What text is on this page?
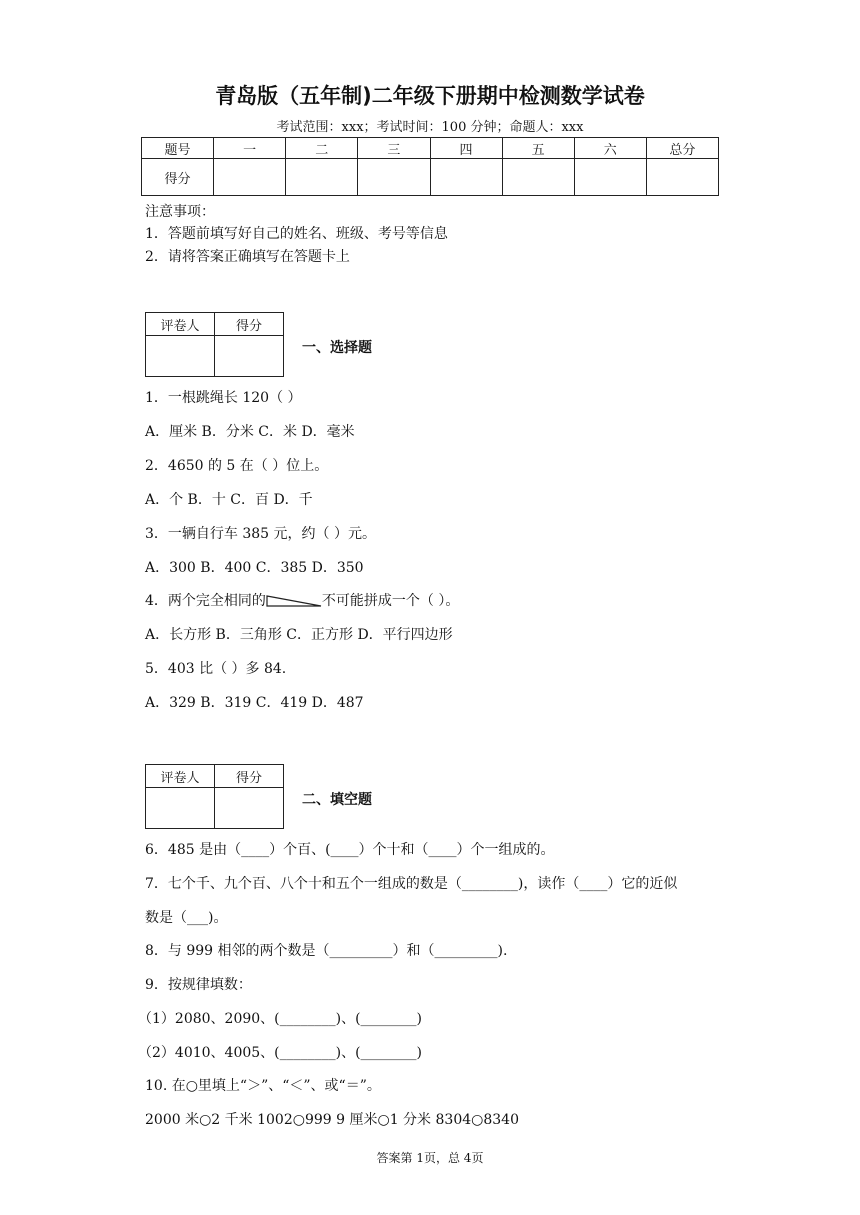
青岛版（五年制)二年级下册期中检测数学试卷
考试范围：xxx；考试时间：100 分钟；命题人：xxx
题号	一	二	三	四	五	六	总分
得分							
注意事项：
1．答题前填写好自己的姓名、班级、考号等信息
2．请将答案正确填写在答题卡上
评卷人	得分

一、选择题
1．一根跳绳长 120（ ）
A．厘米 B．分米 C．米 D．毫米
2．4650 的 5 在（ ）位上。
A．个 B．十 C．百 D．千
3．一辆自行车 385 元，约（ ）元。
A．300 B．400 C．385 D．350
4．两个完全相同的	不可能拼成一个（ ）。
A．长方形 B．三角形 C．正方形 D．平行四边形
5．403 比（ ）多 84.
A．329 B．319 C．419 D．487
评卷人	得分

二、填空题
6．485 是由（____）个百、(____）个十和（____）个一组成的。
7．七个千、九个百、八个十和五个一组成的数是（________)，读作（____）它的近似
数是（___)。
8．与 999 相邻的两个数是（_________）和（_________).
9．按规律填数：
（1）2080、2090、(________)、(________)
（2）4010、4005、(________)、(________)
10. 在○里填上“＞”、“＜”、或“＝”。
2000 米○2 千米 1002○999 9 厘米○1 分米 8304○8340
答案第 1页，总 4页
